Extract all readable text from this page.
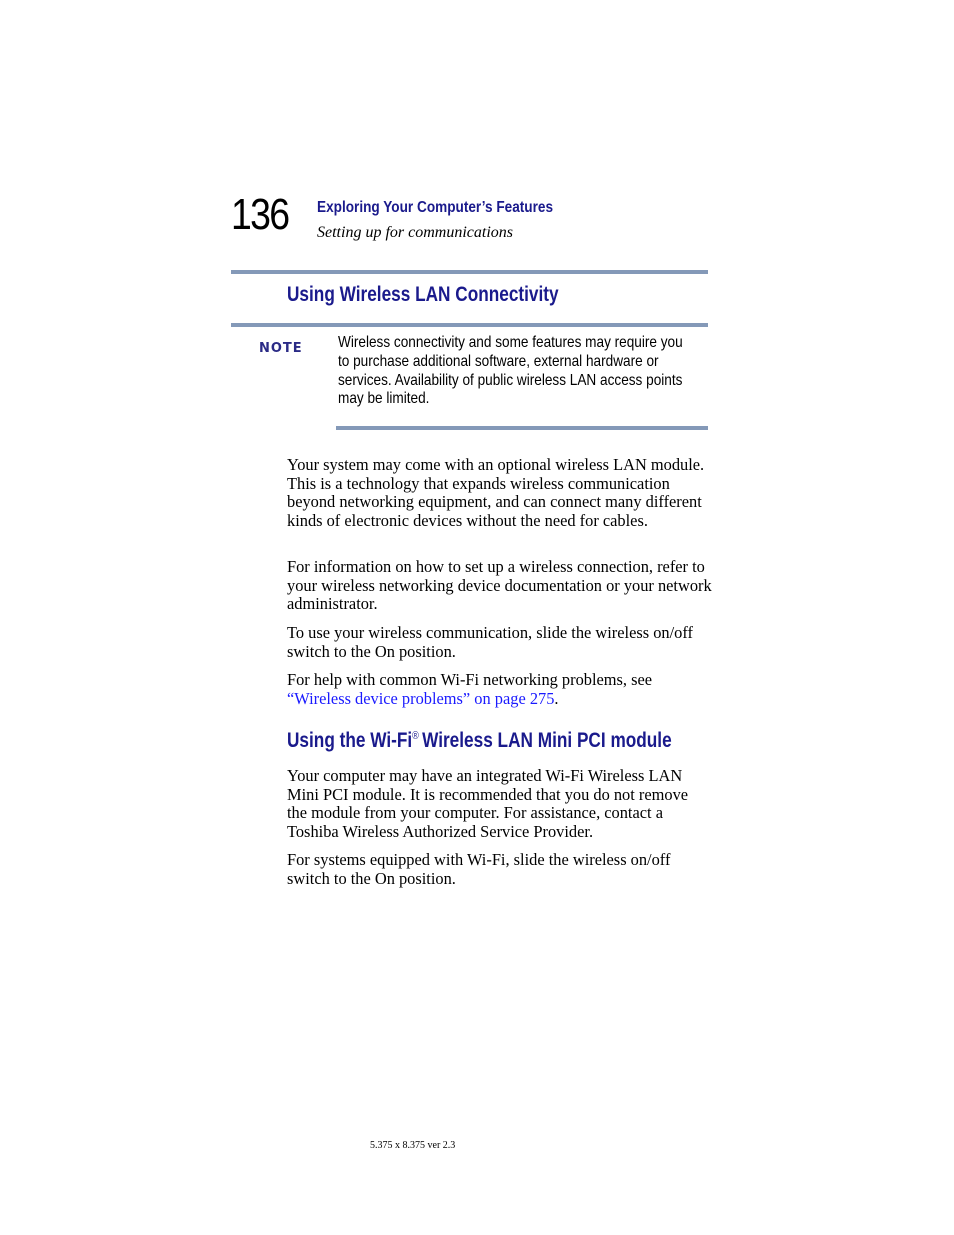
136 Exploring Your Computer’s Features
Setting up for communications
Using Wireless LAN Connectivity
NOTE Wireless connectivity and some features may require you to purchase additional software, external hardware or services. Availability of public wireless LAN access points may be limited.

Your system may come with an optional wireless LAN module. This is a technology that expands wireless communication beyond networking equipment, and can connect many different kinds of electronic devices without the need for cables.

For information on how to set up a wireless connection, refer to your wireless networking device documentation or your network administrator.

To use your wireless communication, slide the wireless on/off switch to the On position.

For help with common Wi-Fi networking problems, see “Wireless device problems” on page 275.

Using the Wi-Fi® Wireless LAN Mini PCI module

Your computer may have an integrated Wi-Fi Wireless LAN Mini PCI module. It is recommended that you do not remove the module from your computer. For assistance, contact a Toshiba Wireless Authorized Service Provider.

For systems equipped with Wi-Fi, slide the wireless on/off switch to the On position.

5.375 x 8.375 ver 2.3
